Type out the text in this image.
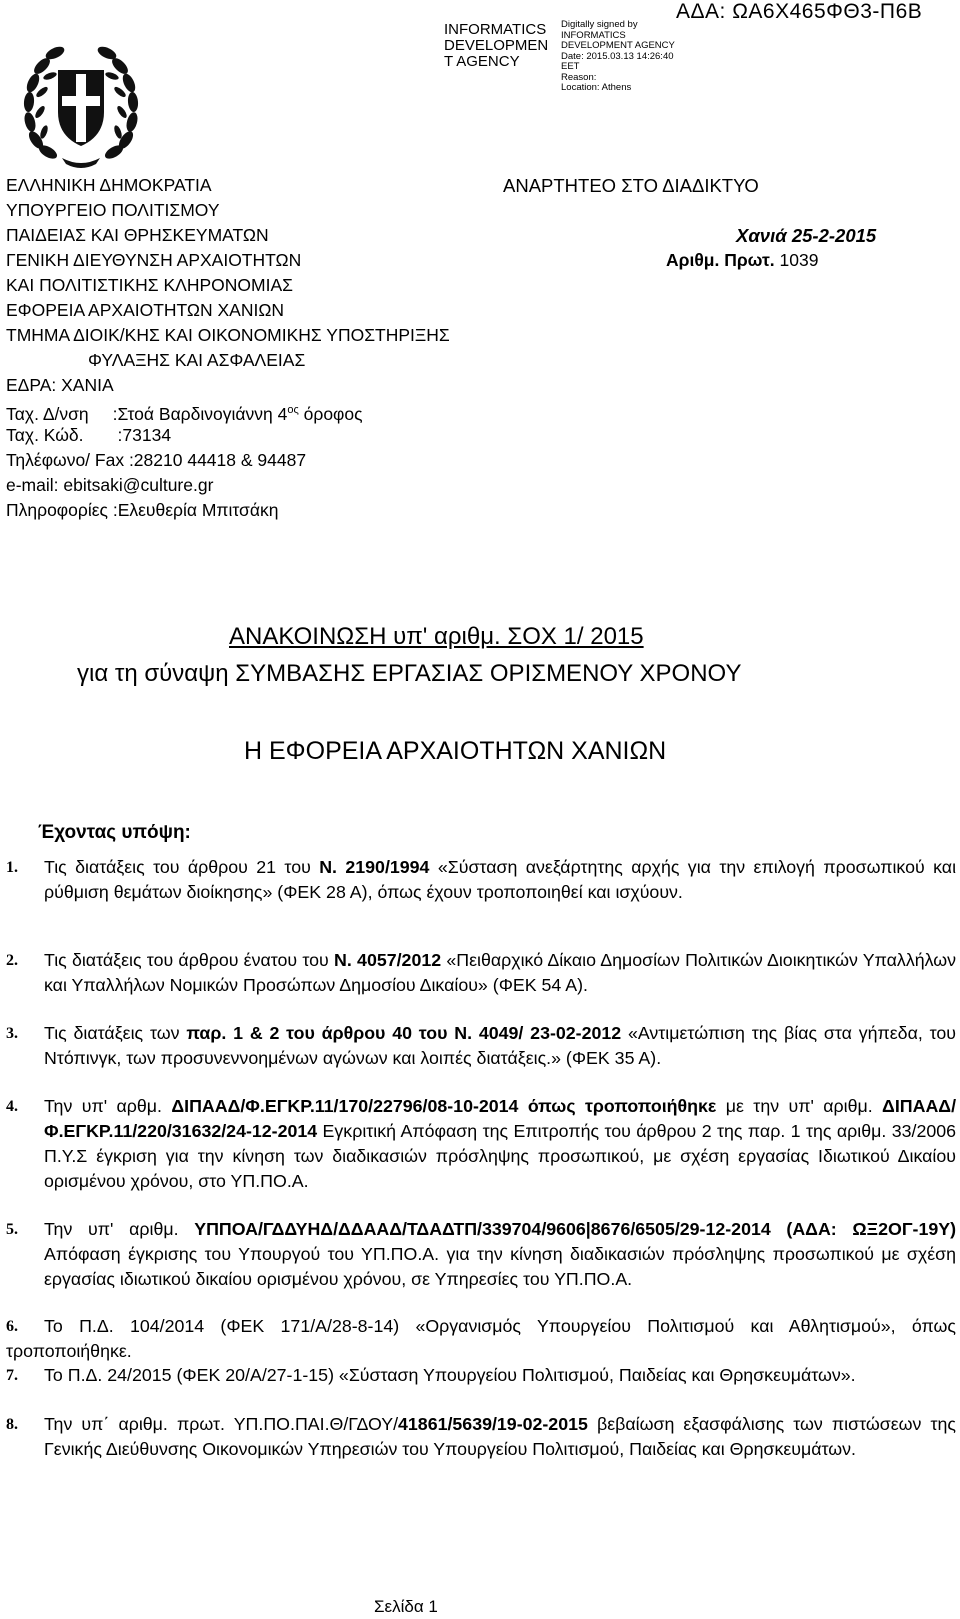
ΑΔΑ: ΩΑ6Χ465ΦΘ3-Π6Β
INFORMATICS
DEVELOPMEN
T AGENCY
Digitally signed by
INFORMATICS
DEVELOPMENT AGENCY
Date: 2015.03.13 14:26:40
EET
Reason:
Location: Athens
ΕΛΛΗΝΙΚΗ ΔΗΜΟΚΡΑΤΙΑ
ΥΠΟΥΡΓΕΙΟ ΠΟΛΙΤΙΣΜΟΥ
ΠΑΙΔΕΙΑΣ ΚΑΙ ΘΡΗΣΚΕΥΜΑΤΩΝ
ΓΕΝΙΚΗ ΔΙΕΥΘΥΝΣΗ ΑΡΧΑΙΟΤΗΤΩΝ
ΚΑΙ ΠΟΛΙΤΙΣΤΙΚΗΣ ΚΛΗΡΟΝΟΜΙΑΣ
ΕΦΟΡΕΙΑ ΑΡΧΑΙΟΤΗΤΩΝ ΧΑΝΙΩΝ
ΤΜΗΜΑ ΔΙΟΙΚ/ΚΗΣ ΚΑΙ ΟΙΚΟΝΟΜΙΚΗΣ ΥΠΟΣΤΗΡΙΞΗΣ
ΦΥΛΑΞΗΣ ΚΑΙ ΑΣΦΑΛΕΙΑΣ
ΕΔΡΑ: ΧΑΝΙΑ
Ταχ. Δ/νση :Στοά Βαρδινογιάννη $4^{o\varsigma}$ όροφος
Ταχ. Κώδ. :73134
Τηλέφωνο/ Fax :28210 44418 & 94487
e-mail: ebitsaki@culture.gr
Πληροφορίες :Ελευθερία Μπιτσάκη
ΑΝΑΡΤΗΤΕΟ ΣΤΟ ΔΙΑΔΙΚΤΥΟ
Χανιά 25-2-2015
Αριθμ. Πρωτ. 1039
ΑΝΑΚΟΙΝΩΣΗ υπ' αριθμ. ΣΟΧ 1/ 2015
για τη σύναψη ΣΥΜΒΑΣΗΣ ΕΡΓΑΣΙΑΣ ΟΡΙΣΜΕΝΟΥ ΧΡΟΝΟΥ
Η ΕΦΟΡΕΙΑ ΑΡΧΑΙΟΤΗΤΩΝ ΧΑΝΙΩΝ
Έχοντας υπόψη:
1. Τις διατάξεις του άρθρου 21 του Ν. 2190/1994 «Σύσταση ανεξάρτητης αρχής για την επιλογή προσωπικού και ρύθμιση θεμάτων διοίκησης» (ΦΕΚ 28 Α), όπως έχουν τροποποιηθεί και ισχύουν.
2. Τις διατάξεις του άρθρου ένατου του Ν. 4057/2012 «Πειθαρχικό Δίκαιο Δημοσίων Πολιτικών Διοικητικών Υπαλλήλων και Υπαλλήλων Νομικών Προσώπων Δημοσίου Δικαίου» (ΦΕΚ 54 Α).
3. Τις διατάξεις των παρ. 1 & 2 του άρθρου 40 του Ν. 4049/ 23-02-2012 «Αντιμετώπιση της βίας στα γήπεδα, του Ντόπινγκ, των προσυνεννοημένων αγώνων και λοιπές διατάξεις.» (ΦΕΚ 35 Α).
4. Την υπ' αρθμ. ΔΙΠΑΑΔ/Φ.ΕΓΚΡ.11/170/22796/08-10-2014 όπως τροποποιήθηκε με την υπ' αριθμ. ΔΙΠΑΑΔ/Φ.ΕΓΚΡ.11/220/31632/24-12-2014 Εγκριτική Απόφαση της Επιτροπής του άρθρου 2 της παρ. 1 της αριθμ. 33/2006 Π.Υ.Σ έγκριση για την κίνηση των διαδικασιών πρόσληψης προσωπικού, με σχέση εργασίας Ιδιωτικού Δικαίου ορισμένου χρόνου, στο ΥΠ.ΠΟ.Α.
5. Την υπ' αριθμ. ΥΠΠΟΑ/ΓΔΔΥΗΔ/ΔΔΑΑΔ/ΤΔΑΔΤΠ/339704/9606|8676/6505/29-12-2014 (ΑΔΑ: ΩΞ2ΟΓ-19Υ) Απόφαση έγκρισης του Υπουργού του ΥΠ.ΠΟ.Α. για την κίνηση διαδικασιών πρόσληψης προσωπικού με σχέση εργασίας ιδιωτικού δικαίου ορισμένου χρόνου, σε Υπηρεσίες του ΥΠ.ΠΟ.Α.
6.	Το Π.Δ. 104/2014 (ΦΕΚ 171/Α/28-8-14) «Οργανισμός Υπουργείου Πολιτισμού και Αθλητισμού», όπως τροποποιήθηκε.
7.	Το Π.Δ. 24/2015 (ΦΕΚ 20/Α/27-1-15) «Σύσταση Υπουργείου Πολιτισμού, Παιδείας και Θρησκευμάτων».
8. Την υπ΄ αριθμ. πρωτ. ΥΠ.ΠΟ.ΠΑΙ.Θ/ΓΔΟΥ/41861/5639/19-02-2015 βεβαίωση εξασφάλισης των πιστώσεων της Γενικής Διεύθυνσης Οικονομικών Υπηρεσιών του Υπουργείου Πολιτισμού, Παιδείας και Θρησκευμάτων.
Σελίδα 1
